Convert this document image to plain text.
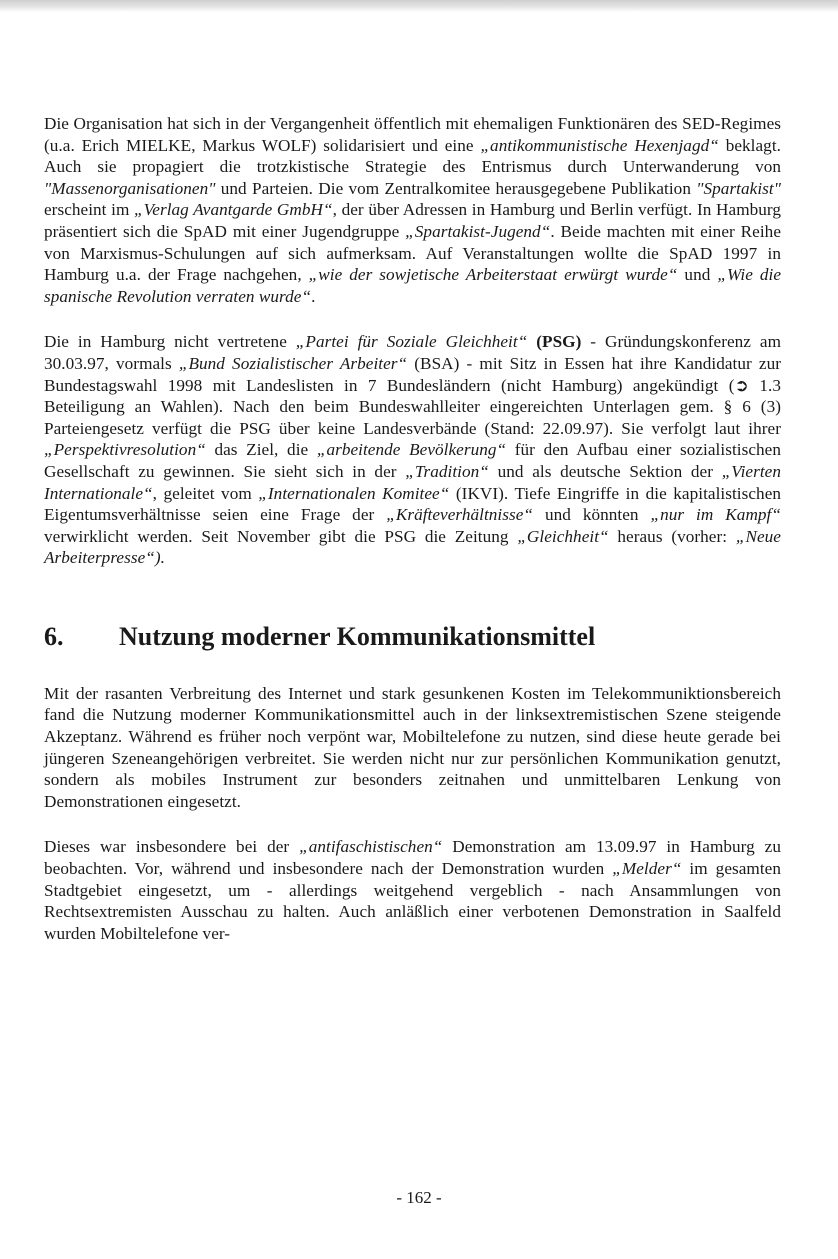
Die Organisation hat sich in der Vergangenheit öffentlich mit ehemaligen Funktionären des SED-Regimes (u.a. Erich MIELKE, Markus WOLF) solidarisiert und eine „antikommunistische Hexenjagd“ beklagt. Auch sie propagiert die trotzkistische Strategie des Entrismus durch Unterwanderung von "Massenorganisationen" und Parteien. Die vom Zentralkomitee herausgegebene Publikation "Spartakist" erscheint im „Verlag Avantgarde GmbH“, der über Adressen in Hamburg und Berlin verfügt. In Hamburg präsentiert sich die SpAD mit einer Jugendgruppe „Spartakist-Jugend“. Beide machten mit einer Reihe von Marxismus-Schulungen auf sich aufmerksam. Auf Veranstaltungen wollte die SpAD 1997 in Hamburg u.a. der Frage nachgehen, „wie der sowjetische Arbeiterstaat erwürgt wurde“ und „Wie die spanische Revolution verraten wurde“.

Die in Hamburg nicht vertretene „Partei für Soziale Gleichheit“ (PSG) - Gründungskonferenz am 30.03.97, vormals „Bund Sozialistischer Arbeiter“ (BSA) - mit Sitz in Essen hat ihre Kandidatur zur Bundestagswahl 1998 mit Landeslisten in 7 Bundesländern (nicht Hamburg) angekündigt (➲ 1.3 Beteiligung an Wahlen). Nach den beim Bundeswahlleiter eingereichten Unterlagen gem. § 6 (3) Parteiengesetz verfügt die PSG über keine Landesverbände (Stand: 22.09.97). Sie verfolgt laut ihrer „Perspektivresolution“ das Ziel, die „arbeitende Bevölkerung“ für den Aufbau einer sozialistischen Gesellschaft zu gewinnen. Sie sieht sich in der „Tradition“ und als deutsche Sektion der „Vierten Internationale“, geleitet vom „Internationalen Komitee“ (IKVI). Tiefe Eingriffe in die kapitalistischen Eigentumsverhältnisse seien eine Frage der „Kräfteverhältnisse“ und könnten „nur im Kampf“ verwirklicht werden. Seit November gibt die PSG die Zeitung „Gleichheit“ heraus (vorher: „Neue Arbeiterpresse“).

6.	Nutzung moderner Kommunikationsmittel

Mit der rasanten Verbreitung des Internet und stark gesunkenen Kosten im Telekommuniktionsbereich fand die Nutzung moderner Kommunikationsmittel auch in der linksextremistischen Szene steigende Akzeptanz. Während es früher noch verpönt war, Mobiltelefone zu nutzen, sind diese heute gerade bei jüngeren Szeneangehörigen verbreitet. Sie werden nicht nur zur persönlichen Kommunikation genutzt, sondern als mobiles Instrument zur besonders zeitnahen und unmittelbaren Lenkung von Demonstrationen eingesetzt.

Dieses war insbesondere bei der „antifaschistischen“ Demonstration am 13.09.97 in Hamburg zu beobachten. Vor, während und insbesondere nach der Demonstration wurden „Melder“ im gesamten Stadtgebiet eingesetzt, um - allerdings weitgehend vergeblich - nach Ansammlungen von Rechtsextremisten Ausschau zu halten. Auch anläßlich einer verbotenen Demonstration in Saalfeld wurden Mobiltelefone ver-

- 162 -
